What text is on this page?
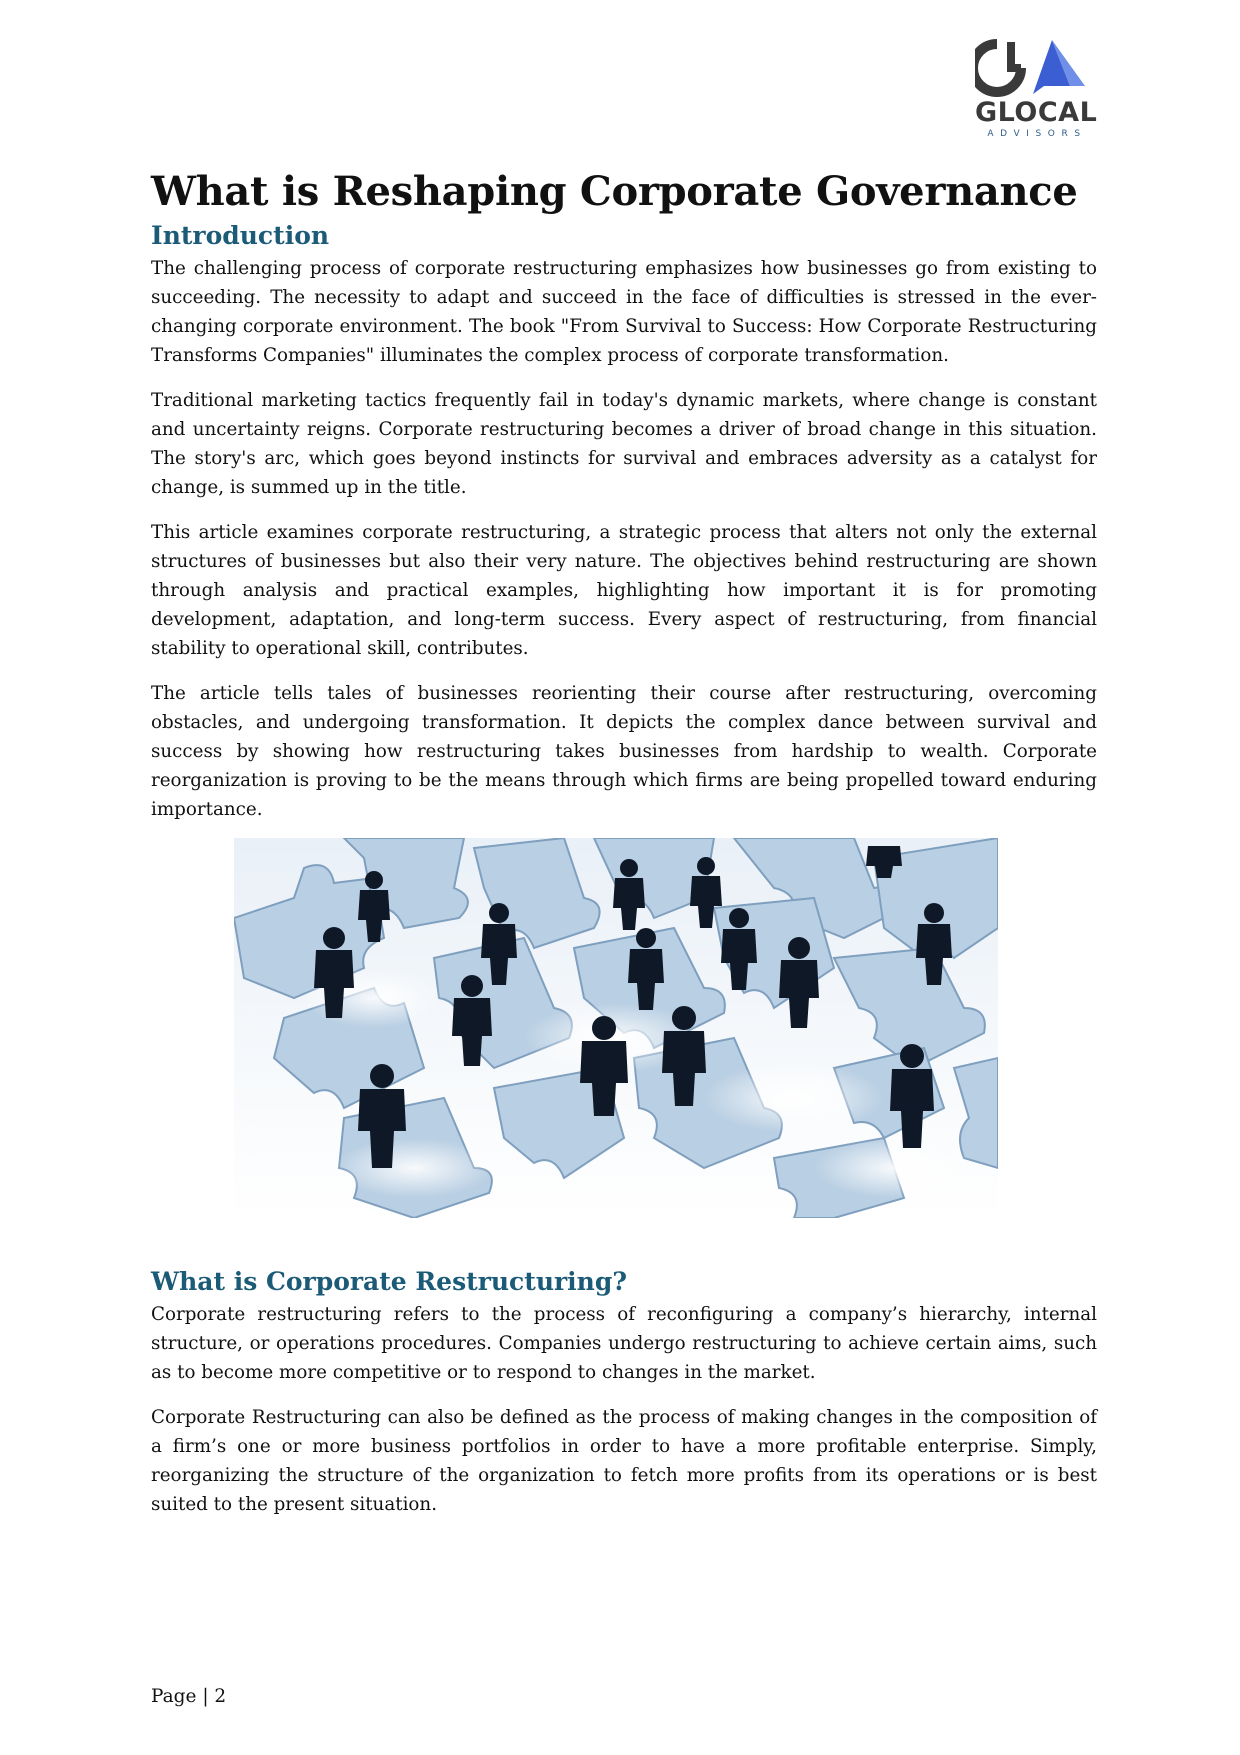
GLOCAL
ADVISORS
What is Reshaping Corporate Governance
Introduction

The challenging process of corporate restructuring emphasizes how businesses go from existing to succeeding. The necessity to adapt and succeed in the face of difficulties is stressed in the ever-changing corporate environment. The book "From Survival to Success: How Corporate Restructuring Transforms Companies" illuminates the complex process of corporate transformation.

Traditional marketing tactics frequently fail in today's dynamic markets, where change is constant and uncertainty reigns. Corporate restructuring becomes a driver of broad change in this situation. The story's arc, which goes beyond instincts for survival and embraces adversity as a catalyst for change, is summed up in the title.

This article examines corporate restructuring, a strategic process that alters not only the external structures of businesses but also their very nature. The objectives behind restructuring are shown through analysis and practical examples, highlighting how important it is for promoting development, adaptation, and long-term success. Every aspect of restructuring, from financial stability to operational skill, contributes.

The article tells tales of businesses reorienting their course after restructuring, overcoming obstacles, and undergoing transformation. It depicts the complex dance between survival and success by showing how restructuring takes businesses from hardship to wealth. Corporate reorganization is proving to be the means through which firms are being propelled toward enduring importance.

What is Corporate Restructuring?

Corporate restructuring refers to the process of reconfiguring a company’s hierarchy, internal structure, or operations procedures. Companies undergo restructuring to achieve certain aims, such as to become more competitive or to respond to changes in the market.

Corporate Restructuring can also be defined as the process of making changes in the composition of a firm’s one or more business portfolios in order to have a more profitable enterprise. Simply, reorganizing the structure of the organization to fetch more profits from its operations or is best suited to the present situation.

Page | 2
